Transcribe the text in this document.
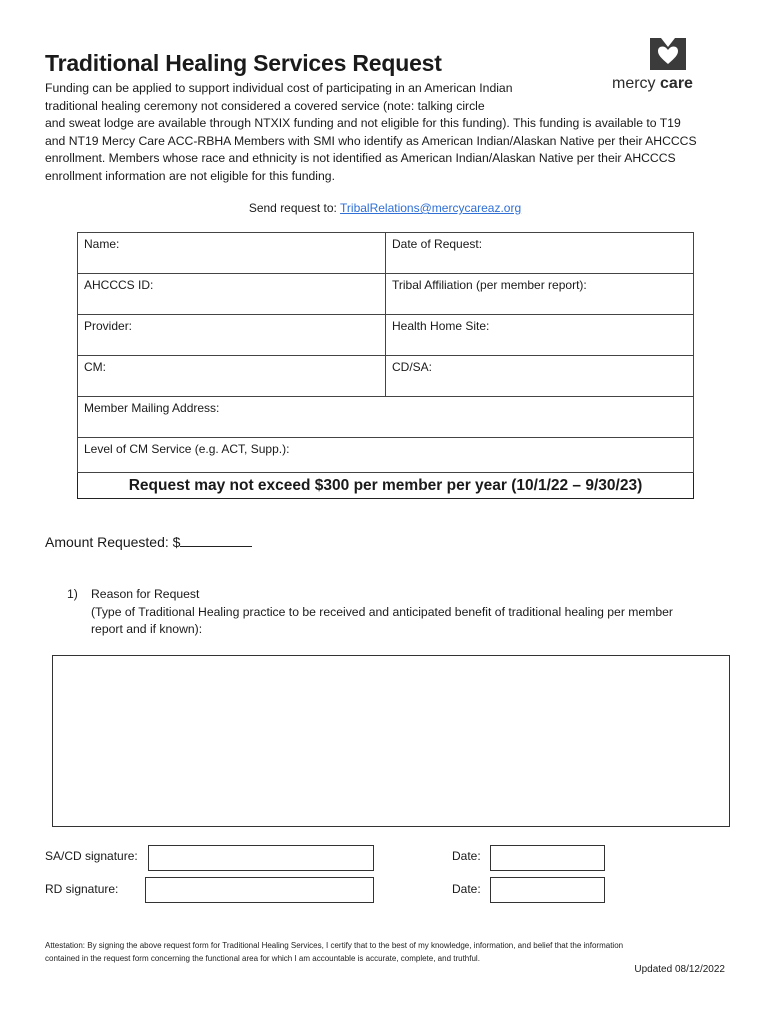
Traditional Healing Services Request
mercy care

Funding can be applied to support individual cost of participating in an American Indian

traditional healing ceremony not considered a covered service (note: talking circle

and sweat lodge are available through NTXIX funding and not eligible for this funding). This funding is available to T19

and NT19 Mercy Care ACC-RBHA Members with SMI who identify as American Indian/Alaskan Native per their AHCCCS

enrollment. Members whose race and ethnicity is not identified as American Indian/Alaskan Native per their AHCCCS

enrollment information are not eligible for this funding.

Send request to: TribalRelations@mercycareaz.org
Name:	Date of Request:
AHCCCS ID:	Tribal Affiliation (per member report):
Provider:	Health Home Site:
CM:	CD/SA:
Member Mailing Address:	
Level of CM Service (e.g. ACT, Supp.):	
Request may not exceed $300 per member per year (10/1/22 – 9/30/23)	
Amount Requested: $
1) Reason for Request

(Type of Traditional Healing practice to be received and anticipated benefit of traditional healing per member

report and if known):

SA/CD signature:	Date:
RD signature:	Date:

Attestation: By signing the above request form for Traditional Healing Services, I certify that to the best of my knowledge, information, and belief that the information

contained in the request form concerning the functional area for which I am accountable is accurate, complete, and truthful.

Updated 08/12/2022
